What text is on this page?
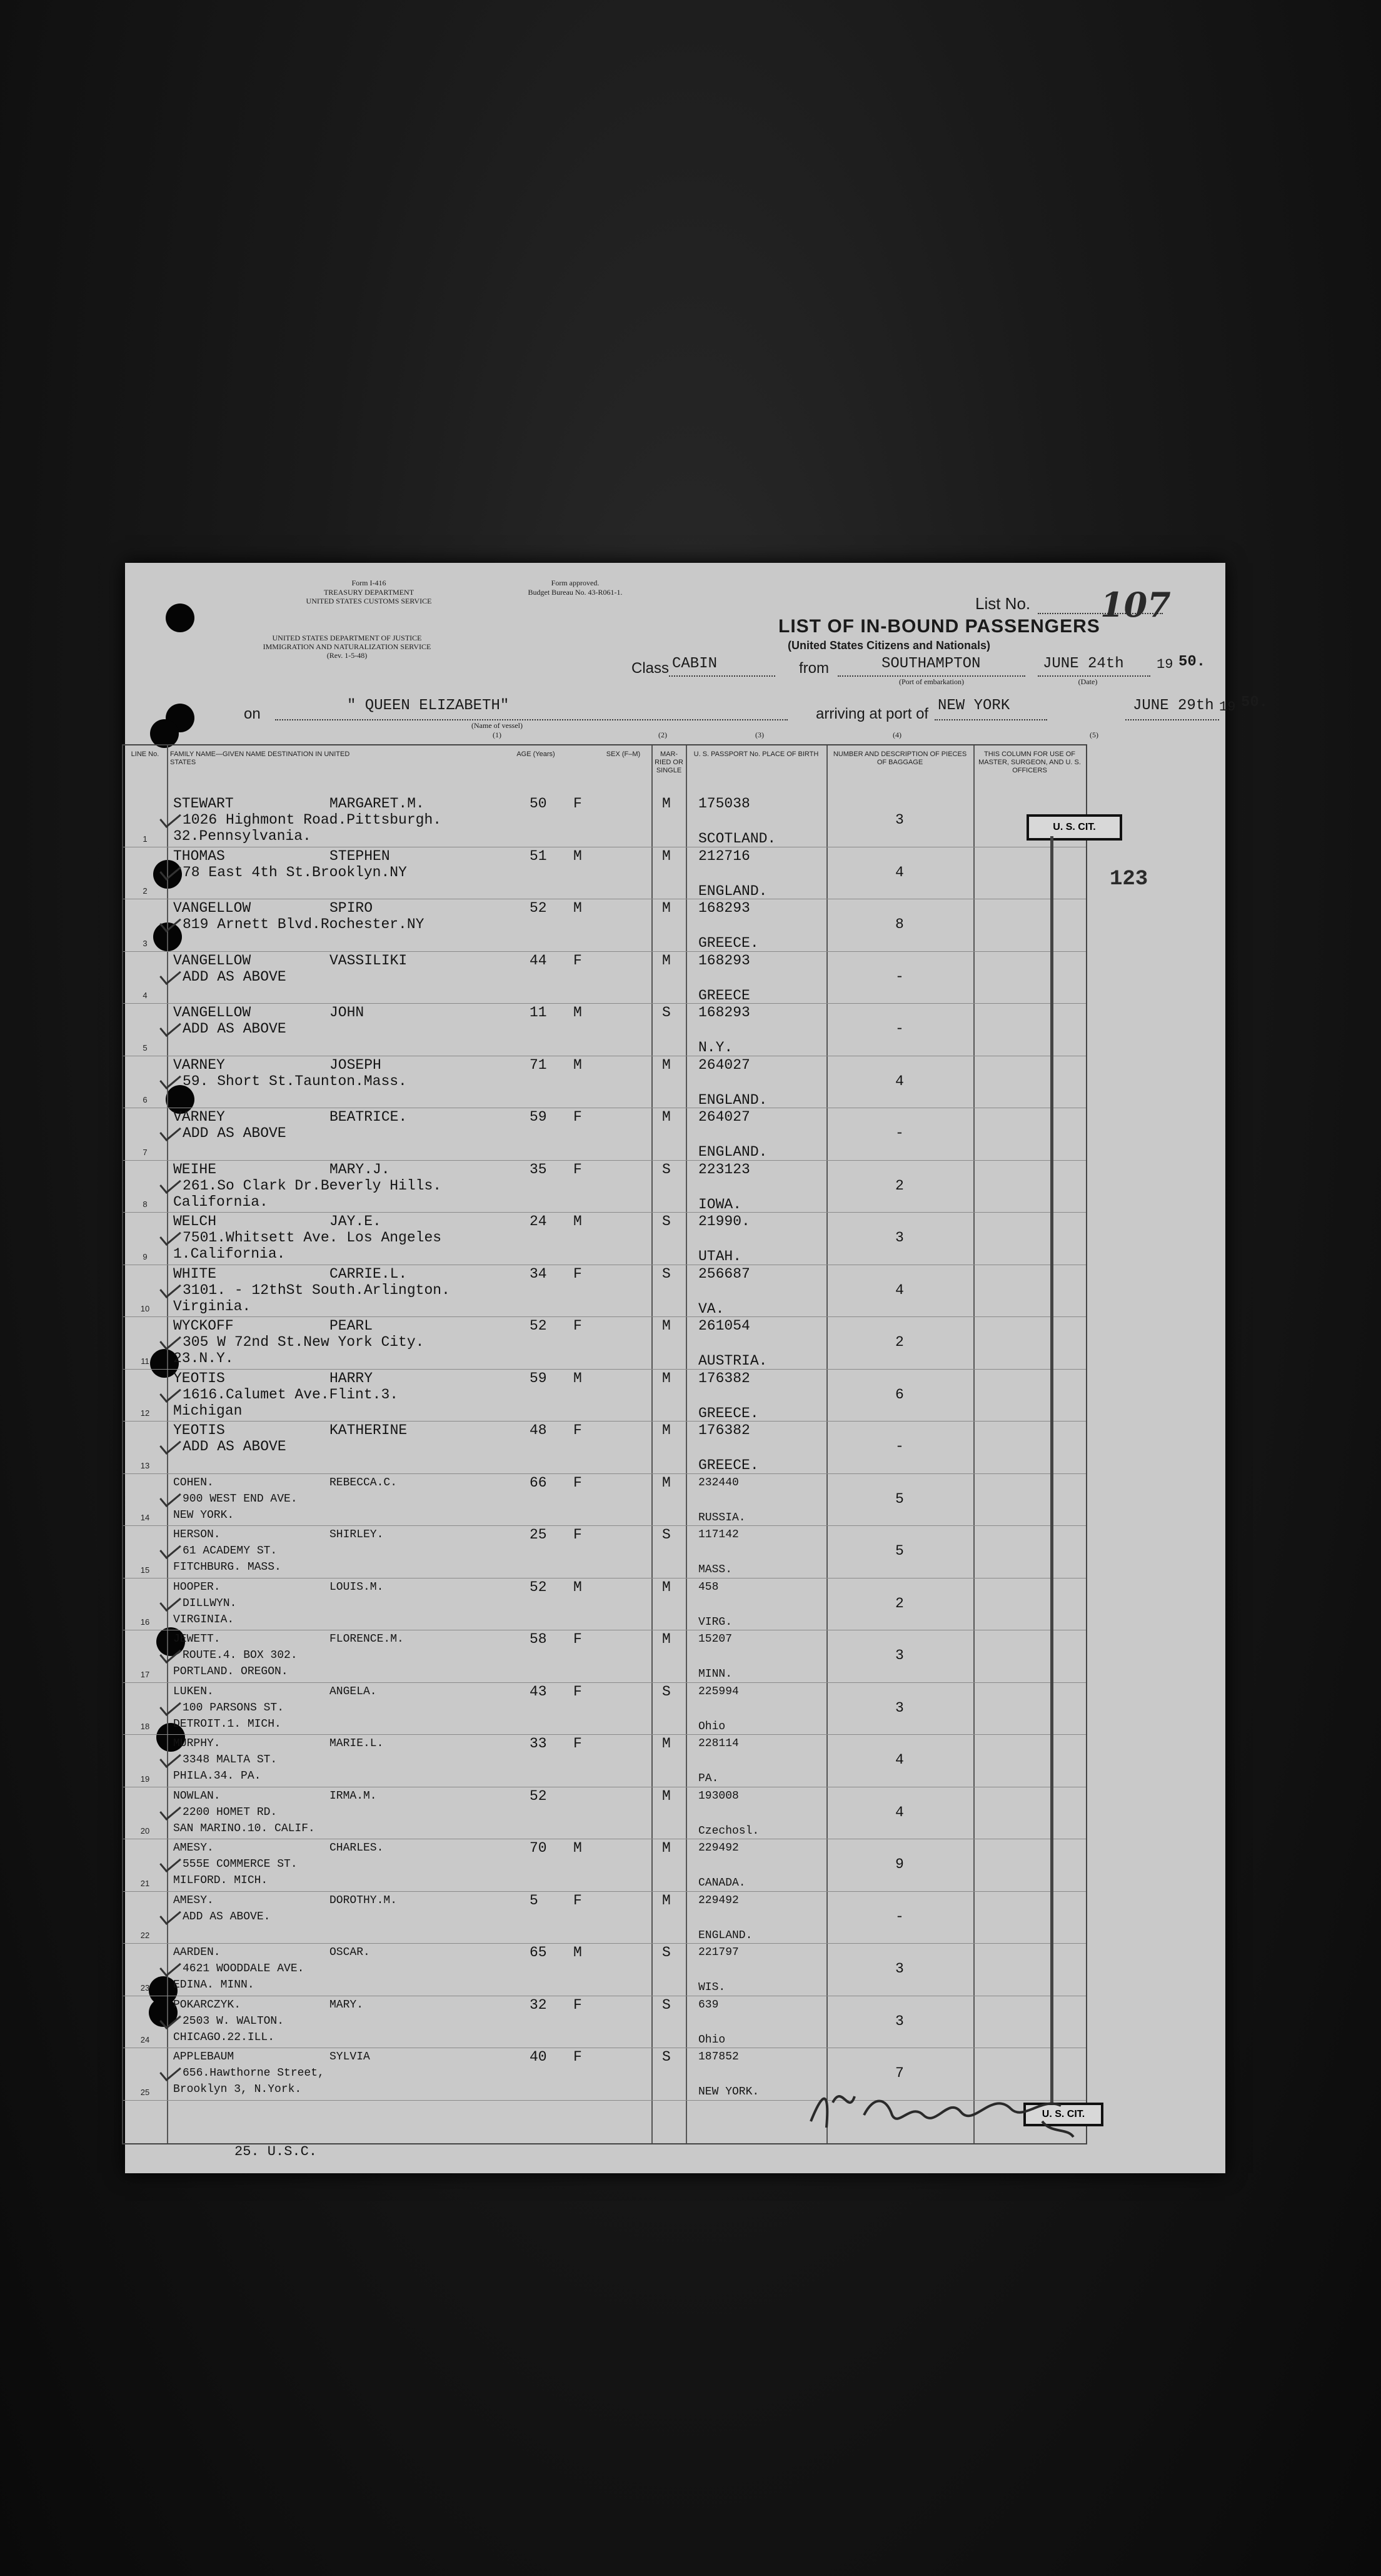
Form I-416
TREASURY DEPARTMENT
UNITED STATES CUSTOMS SERVICE
Form approved.
Budget Bureau No. 43-R061-1.
UNITED STATES DEPARTMENT OF JUSTICE
IMMIGRATION AND NATURALIZATION SERVICE
(Rev. 1-5-48)
List No. 107
LIST OF IN-BOUND PASSENGERS
(United States Citizens and Nationals)
Class CABIN	from	SOUTHAMPTON
(Port of embarkation)
JUNE 24th 19 50.
(Date)
on	" QUEEN ELIZABETH"
(Name of vessel)
(1)
arriving at port of NEW YORK	JUNE 29th 19 50.
(2)	(3)	(4)	(5)
LINE No.	FAMILY NAME—GIVEN NAME DESTINATION IN UNITED STATES
AGE (Years)	SEX (F–M)	MAR-RIED OR SINGLE
U. S. PASSPORT No. PLACE OF BIRTH	NUMBER AND DESCRIPTION OF PIECES OF BAGGAGE
THIS COLUMN FOR USE OF MASTER, SURGEON, AND U. S. OFFICERS
1
STEWART	MARGARET.M.	50 F	M
1026 Highmont Road.Pittsburgh.
32.Pennsylvania.
175038
SCOTLAND.
3
2
THOMAS	STEPHEN	51 M	M
78 East 4th St.Brooklyn.NY
212716
ENGLAND.
4
3
VANGELLOW	SPIRO	52 M	M
819 Arnett Blvd.Rochester.NY
168293
GREECE.
8
4
VANGELLOW	VASSILIKI	44 F	M
ADD AS ABOVE
168293
GREECE
-
5
VANGELLOW	JOHN	11 M	S
ADD AS ABOVE
168293
N.Y.
-
6
VARNEY	JOSEPH	71 M	M
59. Short St.Taunton.Mass.
264027
ENGLAND.
4
7
VARNEY	BEATRICE.	59 F	M
ADD AS ABOVE
264027
ENGLAND.
-
8
WEIHE	MARY.J.	35 F	S
261.So Clark Dr.Beverly Hills.
California.
223123
IOWA.
2
9
WELCH	JAY.E.	24 M	S
7501.Whitsett Ave. Los Angeles
1.California.
21990.
UTAH.
3
10
WHITE	CARRIE.L.	34 F	S
3101. - 12thSt South.Arlington.
Virginia.
256687
VA.
4
11
WYCKOFF	PEARL	52 F	M
305 W 72nd St.New York City.
23.N.Y.
261054
AUSTRIA.
2
12
YEOTIS	HARRY	59 M	M
1616.Calumet Ave.Flint.3.
Michigan
176382
GREECE.
6
13
YEOTIS	KATHERINE	48 F	M
ADD AS ABOVE
176382
GREECE.
-
14
COHEN.	REBECCA.C.	66 F	M
900 WEST END AVE.
NEW YORK.
232440
RUSSIA.
5
15
HERSON.	SHIRLEY.	25 F	S
61 ACADEMY ST.
FITCHBURG. MASS.
117142
MASS.
5
16
HOOPER.	LOUIS.M.	52 M	M
DILLWYN.
VIRGINIA.
458
VIRG.
2
17
JEWETT.	FLORENCE.M.	58 F	M
ROUTE.4. BOX 302.
PORTLAND. OREGON.
15207
MINN.
3
18
LUKEN.	ANGELA.	43 F	S
100 PARSONS ST.
DETROIT.1. MICH.
225994
Ohio
3
19
MURPHY.	MARIE.L.	33 F	M
3348 MALTA ST.
PHILA.34. PA.
228114
PA.
4
20
NOWLAN.	IRMA.M.	52	M
2200 HOMET RD.
SAN MARINO.10. CALIF.
193008
Czechosl.
4
21
AMESY.	CHARLES.	70 M	M
555E COMMERCE ST.
MILFORD. MICH.
229492
CANADA.
9
22
AMESY.	DOROTHY.M.	5 F	M
ADD AS ABOVE.
229492
ENGLAND.
-
23
AARDEN.	OSCAR.	65 M	S
4621 WOODDALE AVE.
EDINA. MINN.
221797
WIS.
3
24
POKARCZYK.	MARY.	32 F	S
2503 W. WALTON.
CHICAGO.22.ILL.
639
Ohio
3
25
APPLEBAUM	SYLVIA	40 F	S
656.Hawthorne Street,
Brooklyn 3, N.York.
187852
NEW YORK.
7
U. S. CIT.
U. S. CIT.
123
25. U.S.C.
